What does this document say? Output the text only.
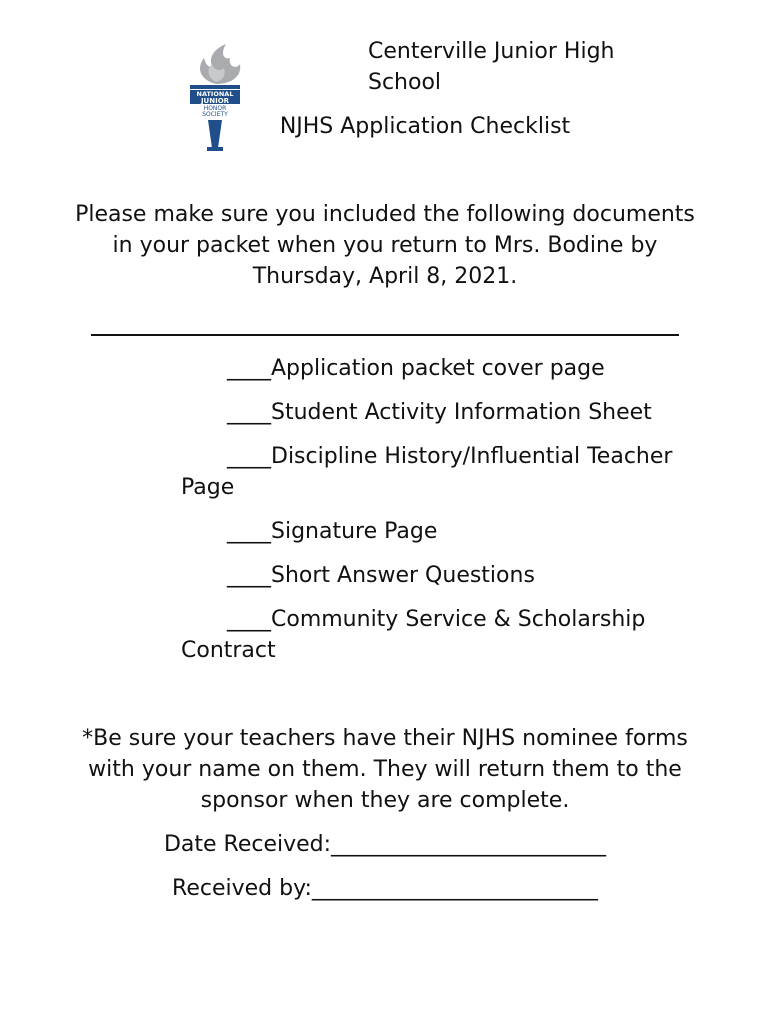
NATIONAL
JUNIOR
HONOR
SOCIETY
Centerville Junior High School
NJHS Application Checklist
Please make sure you included the following documents in your packet when you return to Mrs. Bodine by Thursday, April 8, 2021.
____Application packet cover page
____Student Activity Information Sheet
____Discipline History/Influential Teacher Page
____Signature Page
____Short Answer Questions
____Community Service & Scholarship Contract
*Be sure your teachers have their NJHS nominee forms with your name on them. They will return them to the sponsor when they are complete.
Date Received:_________________________
Received by:__________________________
